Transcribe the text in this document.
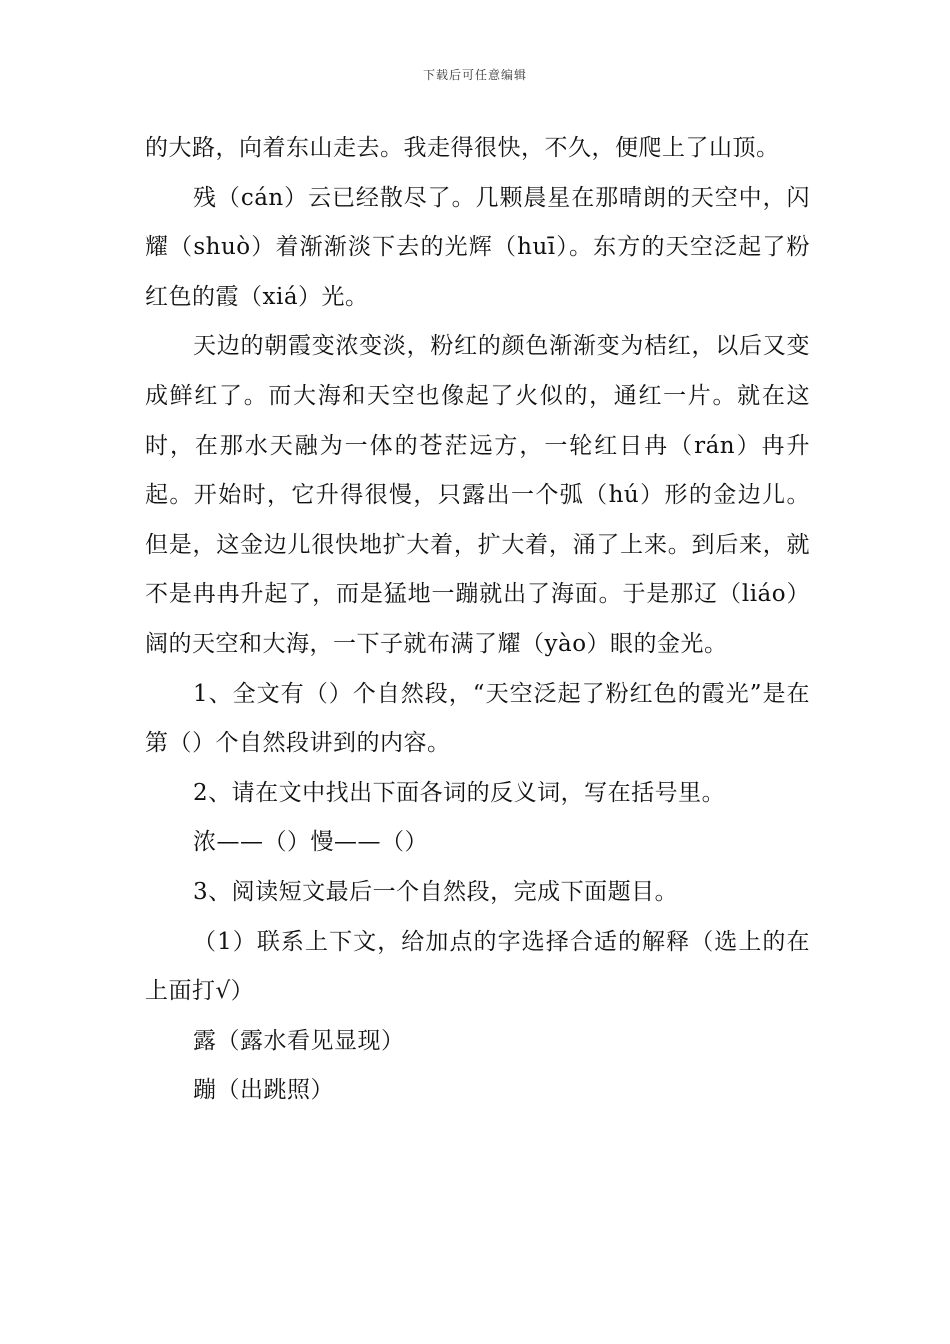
下载后可任意编辑

的大路，向着东山走去。我走得很快，不久，便爬上了山顶。

残（cán）云已经散尽了。几颗晨星在那晴朗的天空中，闪耀（shuò）着渐渐淡下去的光辉（huī）。东方的天空泛起了粉红色的霞（xiá）光。

天边的朝霞变浓变淡，粉红的颜色渐渐变为桔红，以后又变成鲜红了。而大海和天空也像起了火似的，通红一片。就在这时，在那水天融为一体的苍茫远方，一轮红日冉（rán）冉升起。开始时，它升得很慢，只露出一个弧（hú）形的金边儿。但是，这金边儿很快地扩大着，扩大着，涌了上来。到后来，就不是冉冉升起了，而是猛地一蹦就出了海面。于是那辽（liáo）阔的天空和大海，一下子就布满了耀（yào）眼的金光。

1、全文有（）个自然段，“天空泛起了粉红色的霞光”是在第（）个自然段讲到的内容。

2、请在文中找出下面各词的反义词，写在括号里。

浓——（）慢——（）

3、阅读短文最后一个自然段，完成下面题目。

（1）联系上下文，给加点的字选择合适的解释（选上的在上面打√）

露（露水看见显现）

蹦（出跳照）
